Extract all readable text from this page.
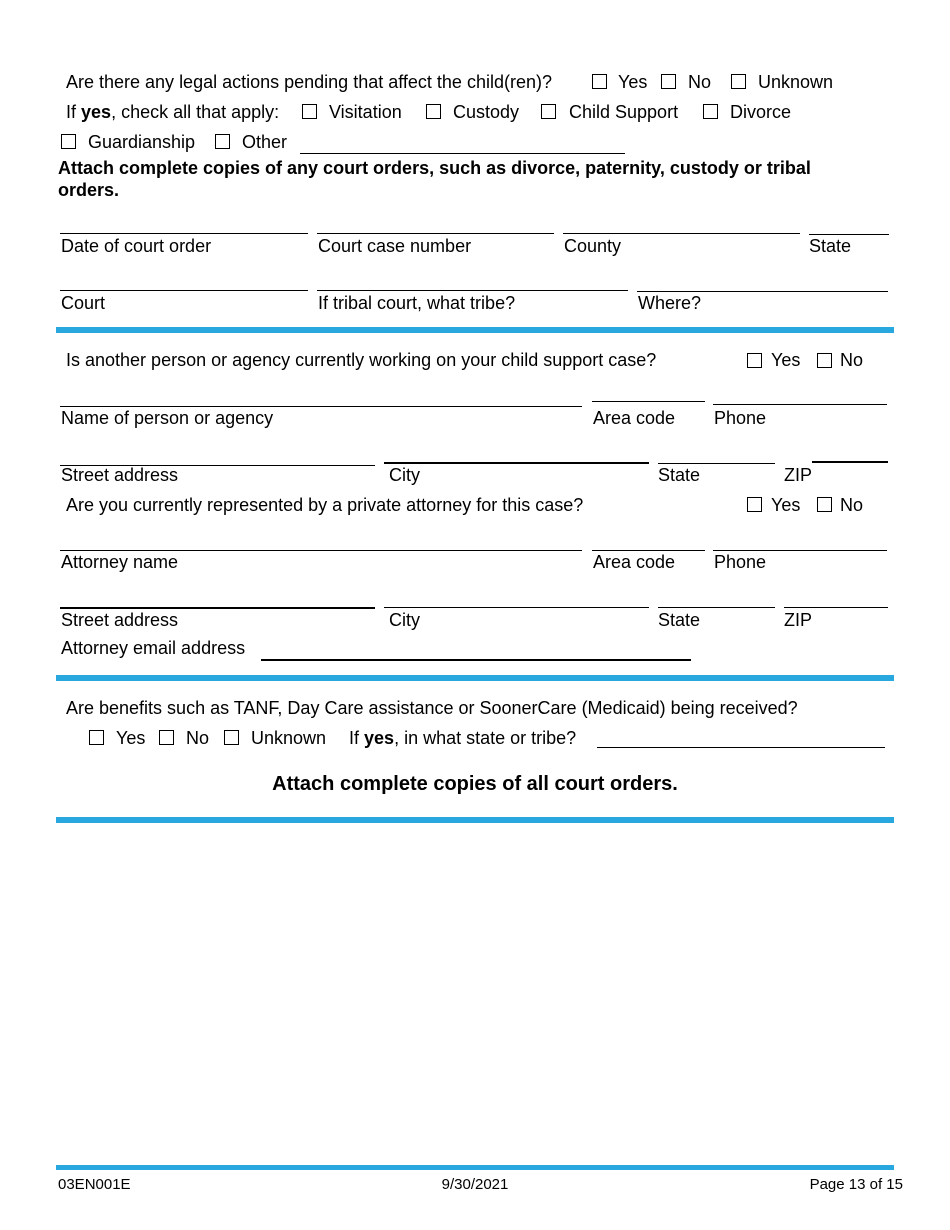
Are there any legal actions pending that affect the child(ren)?	Yes No	Unknown
If yes, check all that apply:	Visitation	Custody	Child Support	Divorce
Guardianship	Other
Attach complete copies of any court orders, such as divorce, paternity, custody or tribal orders.
Date of court order	Court case number	County	State
Court	If tribal court, what tribe?	Where?
Is another person or agency currently working on your child support case?	Yes No
Name of person or agency	Area code Phone
Street address	City	State	ZIP
Are you currently represented by a private attorney for this case?	Yes No
Attorney name	Area code Phone
Street address	City	State	ZIP
Attorney email address
Are benefits such as TANF, Day Care assistance or SoonerCare (Medicaid) being received?
Yes No Unknown If yes, in what state or tribe?
Attach complete copies of all court orders.
03EN001E	9/30/2021	Page 13 of 15
